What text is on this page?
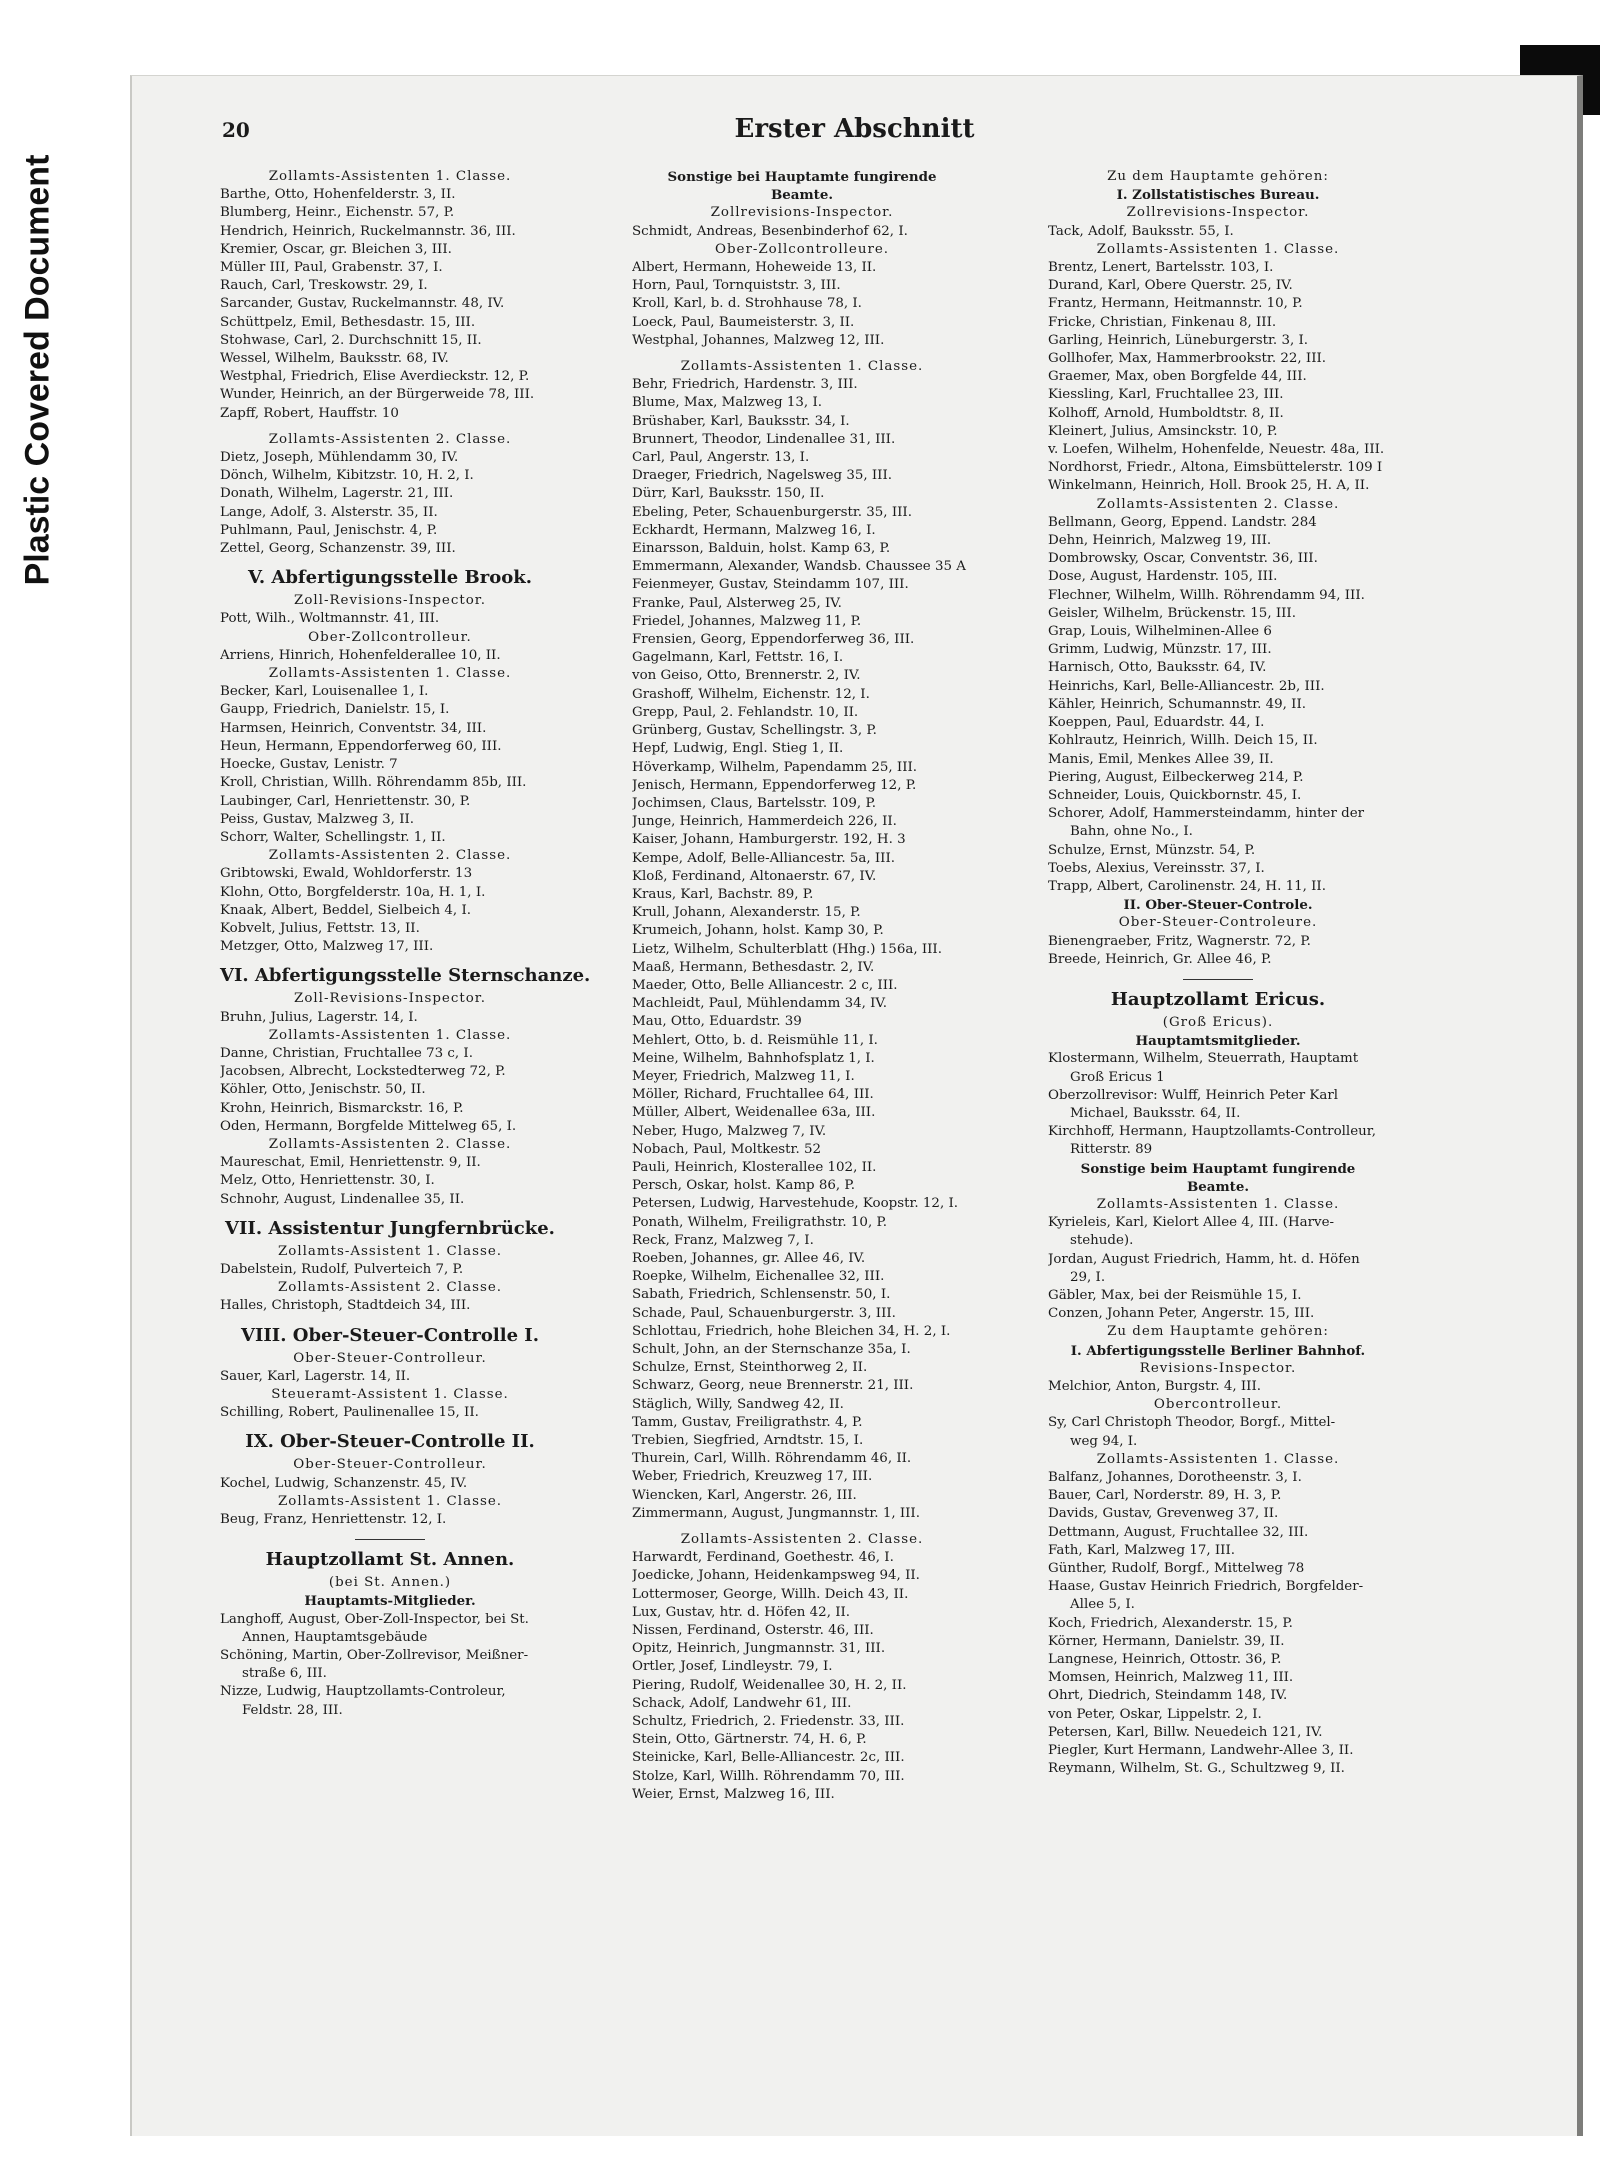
Plastic Covered Document
20	Erster Abschnitt
Zollamts-Assistenten 1. Classe.
Barthe, Otto, Hohenfelderstr. 3, II.
Blumberg, Heinr., Eichenstr. 57, P.
Hendrich, Heinrich, Ruckelmannstr. 36, III.
Kremier, Oscar, gr. Bleichen 3, III.
Müller III, Paul, Grabenstr. 37, I.
Rauch, Carl, Treskowstr. 29, I.
Sarcander, Gustav, Ruckelmannstr. 48, IV.
Schüttpelz, Emil, Bethesdastr. 15, III.
Stohwase, Carl, 2. Durchschnitt 15, II.
Wessel, Wilhelm, Bauksstr. 68, IV.
Westphal, Friedrich, Elise Averdieckstr. 12, P.
Wunder, Heinrich, an der Bürgerweide 78, III.
Zapff, Robert, Hauffstr. 10
Zollamts-Assistenten 2. Classe.
Dietz, Joseph, Mühlendamm 30, IV.
Dönch, Wilhelm, Kibitzstr. 10, H. 2, I.
Donath, Wilhelm, Lagerstr. 21, III.
Lange, Adolf, 3. Alsterstr. 35, II.
Puhlmann, Paul, Jenischstr. 4, P.
Zettel, Georg, Schanzenstr. 39, III.
V. Abfertigungsstelle Brook.
Zoll-Revisions-Inspector.
Pott, Wilh., Woltmannstr. 41, III.
Ober-Zollcontrolleur.
Arriens, Hinrich, Hohenfelderallee 10, II.
Zollamts-Assistenten 1. Classe.
Becker, Karl, Louisenallee 1, I.
Gaupp, Friedrich, Danielstr. 15, I.
Harmsen, Heinrich, Conventstr. 34, III.
Heun, Hermann, Eppendorferweg 60, III.
Hoecke, Gustav, Lenistr. 7
Kroll, Christian, Willh. Röhrendamm 85b, III.
Laubinger, Carl, Henriettenstr. 30, P.
Peiss, Gustav, Malzweg 3, II.
Schorr, Walter, Schellingstr. 1, II.
Zollamts-Assistenten 2. Classe.
Gribtowski, Ewald, Wohldorferstr. 13
Klohn, Otto, Borgfelderstr. 10a, H. 1, I.
Knaak, Albert, Beddel, Sielbeich 4, I.
Kobvelt, Julius, Fettstr. 13, II.
Metzger, Otto, Malzweg 17, III.
VI. Abfertigungsstelle Sternschanze.
Zoll-Revisions-Inspector.
Bruhn, Julius, Lagerstr. 14, I.
Zollamts-Assistenten 1. Classe.
Danne, Christian, Fruchtallee 73 c, I.
Jacobsen, Albrecht, Lockstedterweg 72, P.
Köhler, Otto, Jenischstr. 50, II.
Krohn, Heinrich, Bismarckstr. 16, P.
Oden, Hermann, Borgfelde Mittelweg 65, I.
Zollamts-Assistenten 2. Classe.
Maureschat, Emil, Henriettenstr. 9, II.
Melz, Otto, Henriettenstr. 30, I.
Schnohr, August, Lindenallee 35, II.
VII. Assistentur Jungfernbrücke.
Zollamts-Assistent 1. Classe.
Dabelstein, Rudolf, Pulverteich 7, P.
Zollamts-Assistent 2. Classe.
Halles, Christoph, Stadtdeich 34, III.
VIII. Ober-Steuer-Controlle I.
Ober-Steuer-Controlleur.
Sauer, Karl, Lagerstr. 14, II.
Steueramt-Assistent 1. Classe.
Schilling, Robert, Paulinenallee 15, II.
IX. Ober-Steuer-Controlle II.
Ober-Steuer-Controlleur.
Kochel, Ludwig, Schanzenstr. 45, IV.
Zollamts-Assistent 1. Classe.
Beug, Franz, Henriettenstr. 12, I.
Hauptzollamt St. Annen.
(bei St. Annen.)
Hauptamts-Mitglieder.
Langhoff, August, Ober-Zoll-Inspector, bei St.
Annen, Hauptamtsgebäude
Schöning, Martin, Ober-Zollrevisor, Meißner-
straße 6, III.
Nizze, Ludwig, Hauptzollamts-Controleur,
Feldstr. 28, III.
Sonstige bei Hauptamte fungirende
Beamte.
Zollrevisions-Inspector.
Schmidt, Andreas, Besenbinderhof 62, I.
Ober-Zollcontrolleure.
Albert, Hermann, Hoheweide 13, II.
Horn, Paul, Tornquiststr. 3, III.
Kroll, Karl, b. d. Strohhause 78, I.
Loeck, Paul, Baumeisterstr. 3, II.
Westphal, Johannes, Malzweg 12, III.
Zollamts-Assistenten 1. Classe.
Behr, Friedrich, Hardenstr. 3, III.
Blume, Max, Malzweg 13, I.
Brüshaber, Karl, Bauksstr. 34, I.
Brunnert, Theodor, Lindenallee 31, III.
Carl, Paul, Angerstr. 13, I.
Draeger, Friedrich, Nagelsweg 35, III.
Dürr, Karl, Bauksstr. 150, II.
Ebeling, Peter, Schauenburgerstr. 35, III.
Eckhardt, Hermann, Malzweg 16, I.
Einarsson, Balduin, holst. Kamp 63, P.
Emmermann, Alexander, Wandsb. Chaussee 35 A
Feienmeyer, Gustav, Steindamm 107, III.
Franke, Paul, Alsterweg 25, IV.
Friedel, Johannes, Malzweg 11, P.
Frensien, Georg, Eppendorferweg 36, III.
Gagelmann, Karl, Fettstr. 16, I.
von Geiso, Otto, Brennerstr. 2, IV.
Grashoff, Wilhelm, Eichenstr. 12, I.
Grepp, Paul, 2. Fehlandstr. 10, II.
Grünberg, Gustav, Schellingstr. 3, P.
Hepf, Ludwig, Engl. Stieg 1, II.
Höverkamp, Wilhelm, Papendamm 25, III.
Jenisch, Hermann, Eppendorferweg 12, P.
Jochimsen, Claus, Bartelsstr. 109, P.
Junge, Heinrich, Hammerdeich 226, II.
Kaiser, Johann, Hamburgerstr. 192, H. 3
Kempe, Adolf, Belle-Alliancestr. 5a, III.
Kloß, Ferdinand, Altonaerstr. 67, IV.
Kraus, Karl, Bachstr. 89, P.
Krull, Johann, Alexanderstr. 15, P.
Krumeich, Johann, holst. Kamp 30, P.
Lietz, Wilhelm, Schulterblatt (Hhg.) 156a, III.
Maaß, Hermann, Bethesdastr. 2, IV.
Maeder, Otto, Belle Alliancestr. 2 c, III.
Machleidt, Paul, Mühlendamm 34, IV.
Mau, Otto, Eduardstr. 39
Mehlert, Otto, b. d. Reismühle 11, I.
Meine, Wilhelm, Bahnhofsplatz 1, I.
Meyer, Friedrich, Malzweg 11, I.
Möller, Richard, Fruchtallee 64, III.
Müller, Albert, Weidenallee 63a, III.
Neber, Hugo, Malzweg 7, IV.
Nobach, Paul, Moltkestr. 52
Pauli, Heinrich, Klosterallee 102, II.
Persch, Oskar, holst. Kamp 86, P.
Petersen, Ludwig, Harvestehude, Koopstr. 12, I.
Ponath, Wilhelm, Freiligrathstr. 10, P.
Reck, Franz, Malzweg 7, I.
Roeben, Johannes, gr. Allee 46, IV.
Roepke, Wilhelm, Eichenallee 32, III.
Sabath, Friedrich, Schlensenstr. 50, I.
Schade, Paul, Schauenburgerstr. 3, III.
Schlottau, Friedrich, hohe Bleichen 34, H. 2, I.
Schult, John, an der Sternschanze 35a, I.
Schulze, Ernst, Steinthorweg 2, II.
Schwarz, Georg, neue Brennerstr. 21, III.
Stäglich, Willy, Sandweg 42, II.
Tamm, Gustav, Freiligrathstr. 4, P.
Trebien, Siegfried, Arndtstr. 15, I.
Thurein, Carl, Willh. Röhrendamm 46, II.
Weber, Friedrich, Kreuzweg 17, III.
Wiencken, Karl, Angerstr. 26, III.
Zimmermann, August, Jungmannstr. 1, III.
Zollamts-Assistenten 2. Classe.
Harwardt, Ferdinand, Goethestr. 46, I.
Joedicke, Johann, Heidenkampsweg 94, II.
Lottermoser, George, Willh. Deich 43, II.
Lux, Gustav, htr. d. Höfen 42, II.
Nissen, Ferdinand, Osterstr. 46, III.
Opitz, Heinrich, Jungmannstr. 31, III.
Ortler, Josef, Lindleystr. 79, I.
Piering, Rudolf, Weidenallee 30, H. 2, II.
Schack, Adolf, Landwehr 61, III.
Schultz, Friedrich, 2. Friedenstr. 33, III.
Stein, Otto, Gärtnerstr. 74, H. 6, P.
Steinicke, Karl, Belle-Alliancestr. 2c, III.
Stolze, Karl, Willh. Röhrendamm 70, III.
Weier, Ernst, Malzweg 16, III.
Zu dem Hauptamte gehören:
I. Zollstatistisches Bureau.
Zollrevisions-Inspector.
Tack, Adolf, Bauksstr. 55, I.
Zollamts-Assistenten 1. Classe.
Brentz, Lenert, Bartelsstr. 103, I.
Durand, Karl, Obere Querstr. 25, IV.
Frantz, Hermann, Heitmannstr. 10, P.
Fricke, Christian, Finkenau 8, III.
Garling, Heinrich, Lüneburgerstr. 3, I.
Gollhofer, Max, Hammerbrookstr. 22, III.
Graemer, Max, oben Borgfelde 44, III.
Kiessling, Karl, Fruchtallee 23, III.
Kolhoff, Arnold, Humboldtstr. 8, II.
Kleinert, Julius, Amsinckstr. 10, P.
v. Loefen, Wilhelm, Hohenfelde, Neuestr. 48a, III.
Nordhorst, Friedr., Altona, Eimsbüttelerstr. 109 I
Winkelmann, Heinrich, Holl. Brook 25, H. A, II.
Zollamts-Assistenten 2. Classe.
Bellmann, Georg, Eppend. Landstr. 284
Dehn, Heinrich, Malzweg 19, III.
Dombrowsky, Oscar, Conventstr. 36, III.
Dose, August, Hardenstr. 105, III.
Flechner, Wilhelm, Willh. Röhrendamm 94, III.
Geisler, Wilhelm, Brückenstr. 15, III.
Grap, Louis, Wilhelminen-Allee 6
Grimm, Ludwig, Münzstr. 17, III.
Harnisch, Otto, Bauksstr. 64, IV.
Heinrichs, Karl, Belle-Alliancestr. 2b, III.
Kähler, Heinrich, Schumannstr. 49, II.
Koeppen, Paul, Eduardstr. 44, I.
Kohlrautz, Heinrich, Willh. Deich 15, II.
Manis, Emil, Menkes Allee 39, II.
Piering, August, Eilbeckerweg 214, P.
Schneider, Louis, Quickbornstr. 45, I.
Schorer, Adolf, Hammersteindamm, hinter der
Bahn, ohne No., I.
Schulze, Ernst, Münzstr. 54, P.
Toebs, Alexius, Vereinsstr. 37, I.
Trapp, Albert, Carolinenstr. 24, H. 11, II.
II. Ober-Steuer-Controle.
Ober-Steuer-Controleure.
Bienengraeber, Fritz, Wagnerstr. 72, P.
Breede, Heinrich, Gr. Allee 46, P.
Hauptzollamt Ericus.
(Groß Ericus).
Hauptamtsmitglieder.
Klostermann, Wilhelm, Steuerrath, Hauptamt
Groß Ericus 1
Oberzollrevisor: Wulff, Heinrich Peter Karl
Michael, Bauksstr. 64, II.
Kirchhoff, Hermann, Hauptzollamts-Controlleur,
Ritterstr. 89
Sonstige beim Hauptamt fungirende
Beamte.
Zollamts-Assistenten 1. Classe.
Kyrieleis, Karl, Kielort Allee 4, III. (Harve-
stehude).
Jordan, August Friedrich, Hamm, ht. d. Höfen
29, I.
Gäbler, Max, bei der Reismühle 15, I.
Conzen, Johann Peter, Angerstr. 15, III.
Zu dem Hauptamte gehören:
I. Abfertigungsstelle Berliner Bahnhof.
Revisions-Inspector.
Melchior, Anton, Burgstr. 4, III.
Obercontrolleur.
Sy, Carl Christoph Theodor, Borgf., Mittel-
weg 94, I.
Zollamts-Assistenten 1. Classe.
Balfanz, Johannes, Dorotheenstr. 3, I.
Bauer, Carl, Norderstr. 89, H. 3, P.
Davids, Gustav, Grevenweg 37, II.
Dettmann, August, Fruchtallee 32, III.
Fath, Karl, Malzweg 17, III.
Günther, Rudolf, Borgf., Mittelweg 78
Haase, Gustav Heinrich Friedrich, Borgfelder-
Allee 5, I.
Koch, Friedrich, Alexanderstr. 15, P.
Körner, Hermann, Danielstr. 39, II.
Langnese, Heinrich, Ottostr. 36, P.
Momsen, Heinrich, Malzweg 11, III.
Ohrt, Diedrich, Steindamm 148, IV.
von Peter, Oskar, Lippelstr. 2, I.
Petersen, Karl, Billw. Neuedeich 121, IV.
Piegler, Kurt Hermann, Landwehr-Allee 3, II.
Reymann, Wilhelm, St. G., Schultzweg 9, II.
